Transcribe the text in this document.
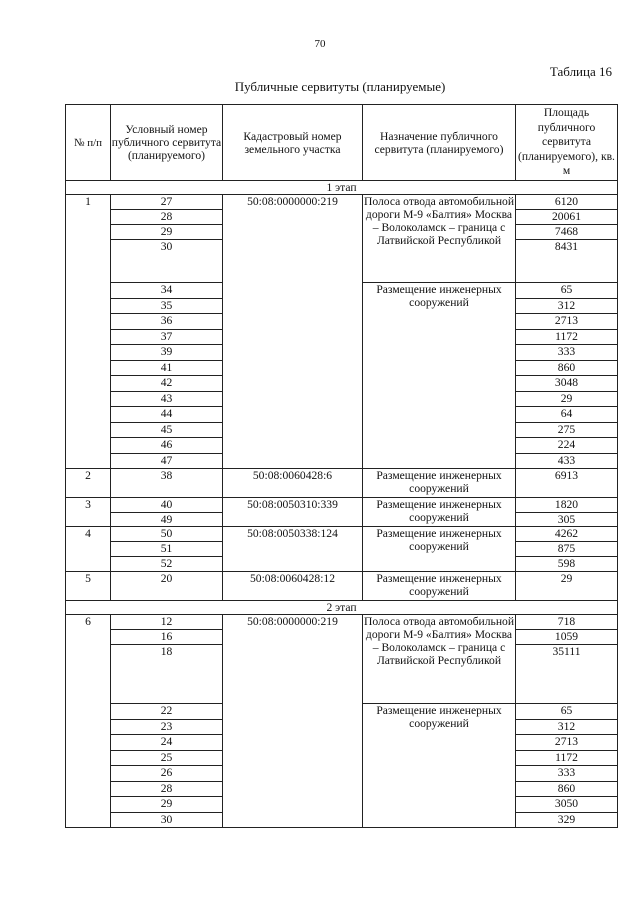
70
Таблица 16
Публичные сервитуты (планируемые)
№ п/п	Условный номер публичного сервитута (планируемого)	Кадастровый номер земельного участка	Назначение публичного сервитута (планируемого)	Площадь публичного сервитута (планируемого), кв. м
1 этап				
1	27	50:08:0000000:219	Полоса отвода автомобильной дороги М-9 «Балтия» Москва – Волоколамск – граница с Латвийской Республикой	6120
	28			20061
	29			7468
	30			8431
	34		Размещение инженерных сооружений	65
	35			312
	36			2713
	37			1172
	39			333
	41			860
	42			3048
	43			29
	44			64
	45			275
	46			224
	47			433
2	38	50:08:0060428:6	Размещение инженерных сооружений	6913
3	40	50:08:0050310:339	Размещение инженерных сооружений	1820
	49			305
4	50	50:08:0050338:124	Размещение инженерных сооружений	4262
	51			875
	52			598
5	20	50:08:0060428:12	Размещение инженерных сооружений	29
2 этап				
6	12	50:08:0000000:219	Полоса отвода автомобильной дороги М-9 «Балтия» Москва – Волоколамск – граница с Латвийской Республикой	718
	16			1059
	18			35111
	22		Размещение инженерных сооружений	65
	23			312
	24			2713
	25			1172
	26			333
	28			860
	29			3050
	30			329
